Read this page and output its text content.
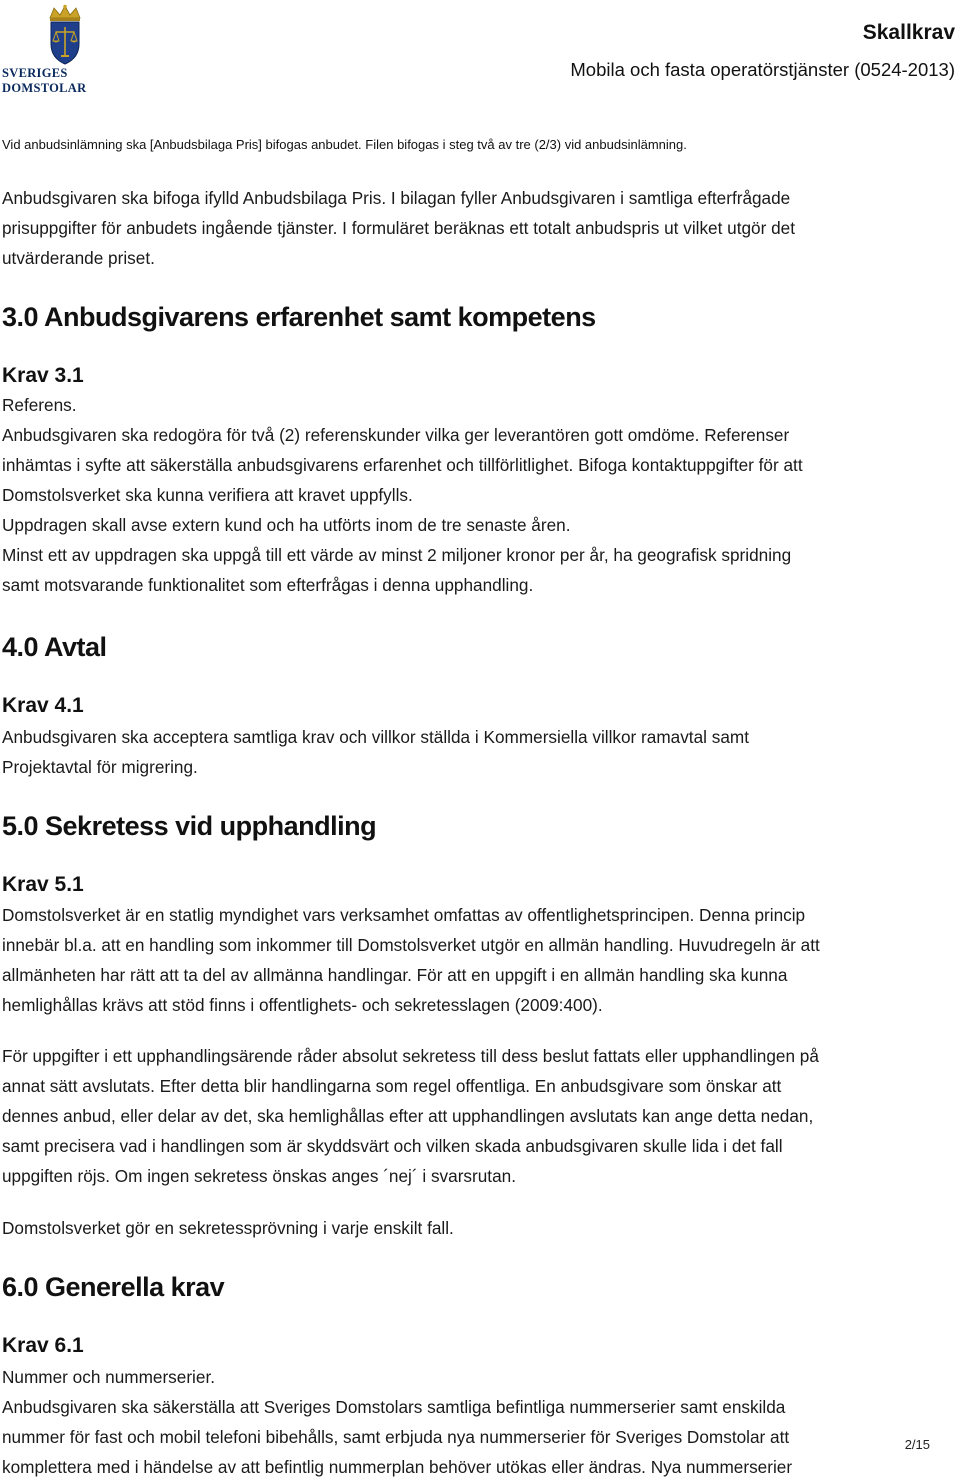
SVERIGES DOMSTOLAR
Skallkrav
Mobila och fasta operatörstjänster (0524-2013)
Vid anbudsinlämning ska [Anbudsbilaga Pris] bifogas anbudet. Filen bifogas i steg två av tre (2/3) vid anbudsinlämning.
Anbudsgivaren ska bifoga ifylld Anbudsbilaga Pris. I bilagan fyller Anbudsgivaren i samtliga efterfrågade
prisuppgifter för anbudets ingående tjänster. I formuläret beräknas ett totalt anbudspris ut vilket utgör det
utvärderande priset.
3.0 Anbudsgivarens erfarenhet samt kompetens
Krav 3.1
Referens.
Anbudsgivaren ska redogöra för två (2) referenskunder vilka ger leverantören gott omdöme. Referenser
inhämtas i syfte att säkerställa anbudsgivarens erfarenhet och tillförlitlighet. Bifoga kontaktuppgifter för att
Domstolsverket ska kunna verifiera att kravet uppfylls.
Uppdragen skall avse extern kund och ha utförts inom de tre senaste åren.
Minst ett av uppdragen ska uppgå till ett värde av minst 2 miljoner kronor per år, ha geografisk spridning
samt motsvarande funktionalitet som efterfrågas i denna upphandling.
4.0 Avtal
Krav 4.1
Anbudsgivaren ska acceptera samtliga krav och villkor ställda i Kommersiella villkor ramavtal samt
Projektavtal för migrering.
5.0 Sekretess vid upphandling
Krav 5.1
Domstolsverket är en statlig myndighet vars verksamhet omfattas av offentlighetsprincipen. Denna princip
innebär bl.a. att en handling som inkommer till Domstolsverket utgör en allmän handling. Huvudregeln är att
allmänheten har rätt att ta del av allmänna handlingar. För att en uppgift i en allmän handling ska kunna
hemlighållas krävs att stöd finns i offentlighets- och sekretesslagen (2009:400).
För uppgifter i ett upphandlingsärende råder absolut sekretess till dess beslut fattats eller upphandlingen på
annat sätt avslutats. Efter detta blir handlingarna som regel offentliga. En anbudsgivare som önskar att
dennes anbud, eller delar av det, ska hemlighållas efter att upphandlingen avslutats kan ange detta nedan,
samt precisera vad i handlingen som är skyddsvärt och vilken skada anbudsgivaren skulle lida i det fall
uppgiften röjs. Om ingen sekretess önskas anges ´nej´ i svarsrutan.
Domstolsverket gör en sekretessprövning i varje enskilt fall.
6.0 Generella krav
Krav 6.1
Nummer och nummerserier.
Anbudsgivaren ska säkerställa att Sveriges Domstolars samtliga befintliga nummerserier samt enskilda
nummer för fast och mobil telefoni bibehålls, samt erbjuda nya nummerserier för Sveriges Domstolar att
komplettera med i händelse av att befintlig nummerplan behöver utökas eller ändras. Nya nummerserier
2/15
